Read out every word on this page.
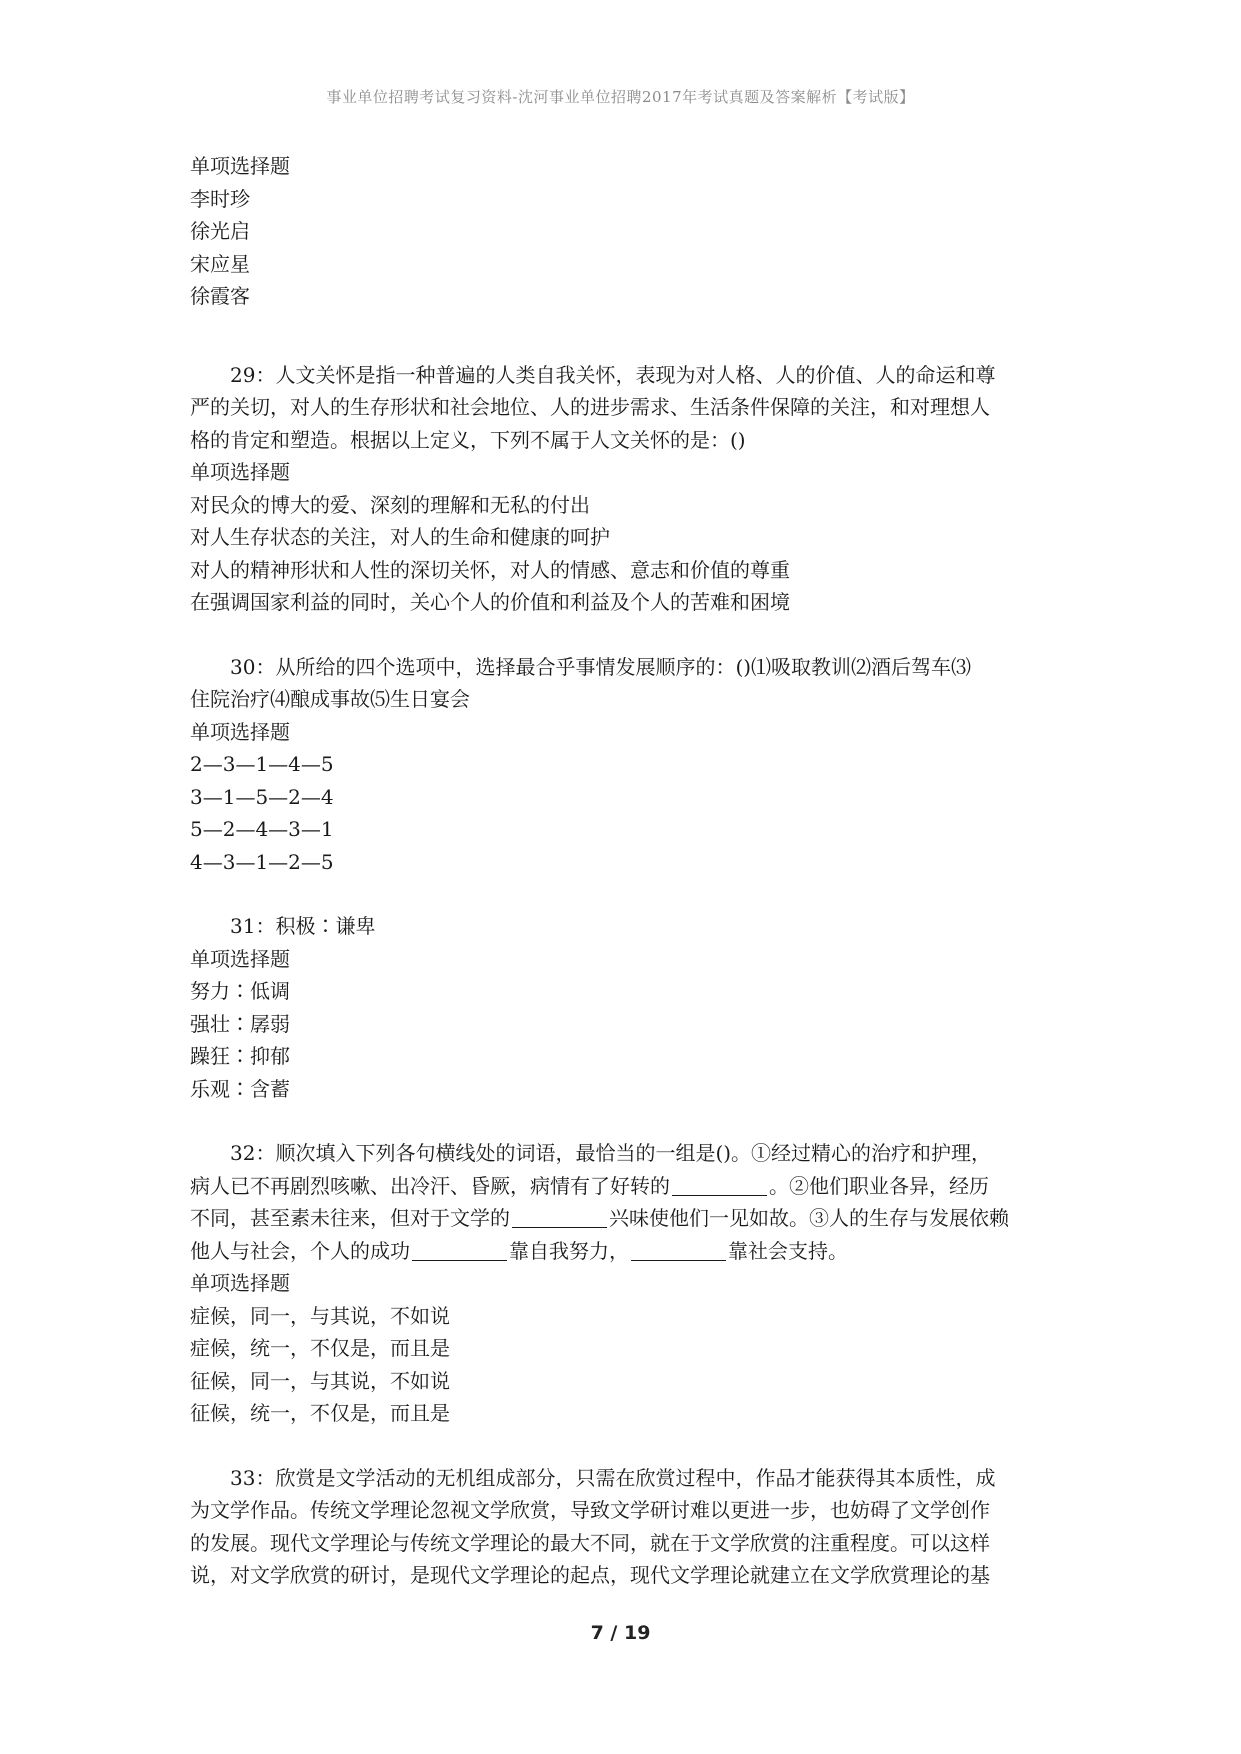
事业单位招聘考试复习资料-沈河事业单位招聘2017年考试真题及答案解析【考试版】
单项选择题
李时珍
徐光启
宋应星
徐霞客
29：人文关怀是指一种普遍的人类自我关怀，表现为对人格、人的价值、人的命运和尊
严的关切，对人的生存形状和社会地位、人的进步需求、生活条件保障的关注，和对理想人
格的肯定和塑造。根据以上定义，下列不属于人文关怀的是：()
单项选择题
对民众的博大的爱、深刻的理解和无私的付出
对人生存状态的关注，对人的生命和健康的呵护
对人的精神形状和人性的深切关怀，对人的情感、意志和价值的尊重
在强调国家利益的同时，关心个人的价值和利益及个人的苦难和困境
30：从所给的四个选项中，选择最合乎事情发展顺序的：()⑴吸取教训⑵酒后驾车⑶
住院治疗⑷酿成事故⑸生日宴会
单项选择题
2—3—1—4—5
3—1—5—2—4
5—2—4—3—1
4—3—1—2—5
31：积极∶谦卑
单项选择题
努力∶低调
强壮∶孱弱
躁狂∶抑郁
乐观∶含蓄
32：顺次填入下列各句横线处的词语，最恰当的一组是()。①经过精心的治疗和护理，
病人已不再剧烈咳嗽、出冷汗、昏厥，病情有了好转的	。②他们职业各异，经历
不同，甚至素未往来，但对于文学的	兴味使他们一见如故。③人的生存与发展依赖
他人与社会，个人的成功	靠自我努力，	靠社会支持。
单项选择题
症候，同一，与其说，不如说
症候，统一，不仅是，而且是
征候，同一，与其说，不如说
征候，统一，不仅是，而且是
33：欣赏是文学活动的无机组成部分，只需在欣赏过程中，作品才能获得其本质性，成
为文学作品。传统文学理论忽视文学欣赏，导致文学研讨难以更进一步，也妨碍了文学创作
的发展。现代文学理论与传统文学理论的最大不同，就在于文学欣赏的注重程度。可以这样
说，对文学欣赏的研讨，是现代文学理论的起点，现代文学理论就建立在文学欣赏理论的基
7 / 19
